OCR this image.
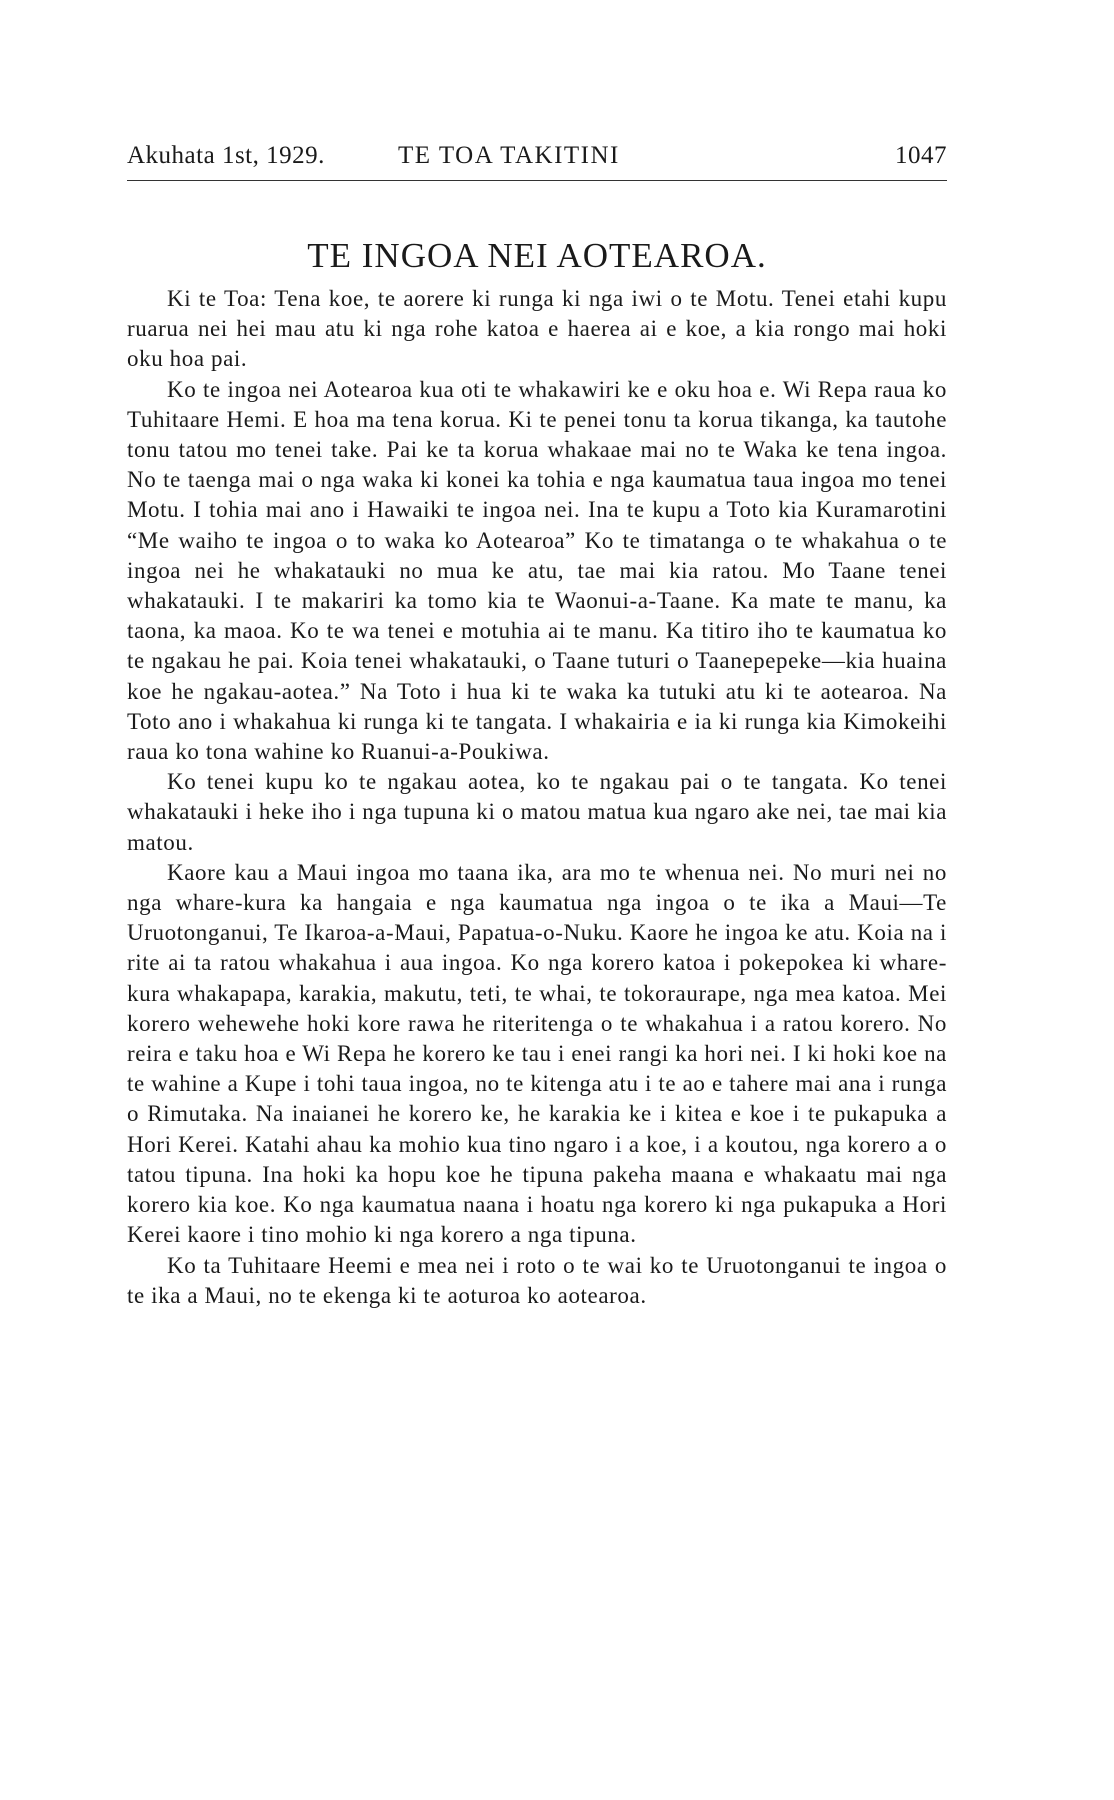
Akuhata 1st, 1929.	TE TOA TAKITINI	1047
TE INGOA NEI AOTEAROA.

Ki te Toa: Tena koe, te aorere ki runga ki nga iwi o te Motu. Tenei etahi kupu ruarua nei hei mau atu ki nga rohe katoa e haerea ai e koe, a kia rongo mai hoki oku hoa pai.

Ko te ingoa nei Aotearoa kua oti te whakawiri ke e oku hoa e. Wi Repa raua ko Tuhitaare Hemi. E hoa ma tena korua. Ki te penei tonu ta korua tikanga, ka tautohe tonu tatou mo tenei take. Pai ke ta korua whakaae mai no te Waka ke tena ingoa. No te taenga mai o nga waka ki konei ka tohia e nga kaumatua taua ingoa mo tenei Motu. I tohia mai ano i Hawaiki te ingoa nei. Ina te kupu a Toto kia Kuramarotini “Me waiho te ingoa o to waka ko Aotearoa” Ko te timatanga o te whakahua o te ingoa nei he whakatauki no mua ke atu, tae mai kia ratou. Mo Taane tenei whakatauki. I te makariri ka tomo kia te Waonui-a-Taane. Ka mate te manu, ka taona, ka maoa. Ko te wa tenei e motuhia ai te manu. Ka titiro iho te kaumatua ko te ngakau he pai. Koia tenei whakatauki, o Taane tuturi o Taanepepeke—kia huaina koe he ngakau-aotea.” Na Toto i hua ki te waka ka tutuki atu ki te aotearoa. Na Toto ano i whakahua ki runga ki te tangata. I whakairia e ia ki runga kia Kimokeihi raua ko tona wahine ko Ruanui-a-Poukiwa.

Ko tenei kupu ko te ngakau aotea, ko te ngakau pai o te tangata. Ko tenei whakatauki i heke iho i nga tupuna ki o matou matua kua ngaro ake nei, tae mai kia matou.

Kaore kau a Maui ingoa mo taana ika, ara mo te whenua nei. No muri nei no nga whare-kura ka hangaia e nga kaumatua nga ingoa o te ika a Maui—Te Uruotonganui, Te Ikaroa-a-Maui, Papatua-o-Nuku. Kaore he ingoa ke atu. Koia na i rite ai ta ratou whakahua i aua ingoa. Ko nga korero katoa i pokepokea ki whare-kura whakapapa, karakia, makutu, teti, te whai, te tokoraurape, nga mea katoa. Mei korero wehewehe hoki kore rawa he riteritenga o te whakahua i a ratou korero. No reira e taku hoa e Wi Repa he korero ke tau i enei rangi ka hori nei. I ki hoki koe na te wahine a Kupe i tohi taua ingoa, no te kitenga atu i te ao e tahere mai ana i runga o Rimutaka. Na inaianei he korero ke, he karakia ke i kitea e koe i te pukapuka a Hori Kerei. Katahi ahau ka mohio kua tino ngaro i a koe, i a koutou, nga korero a o tatou tipuna. Ina hoki ka hopu koe he tipuna pakeha maana e whakaatu mai nga korero kia koe. Ko nga kaumatua naana i hoatu nga korero ki nga pukapuka a Hori Kerei kaore i tino mohio ki nga korero a nga tipuna.

Ko ta Tuhitaare Heemi e mea nei i roto o te wai ko te Uruotonganui te ingoa o te ika a Maui, no te ekenga ki te aoturoa ko aotearoa.
